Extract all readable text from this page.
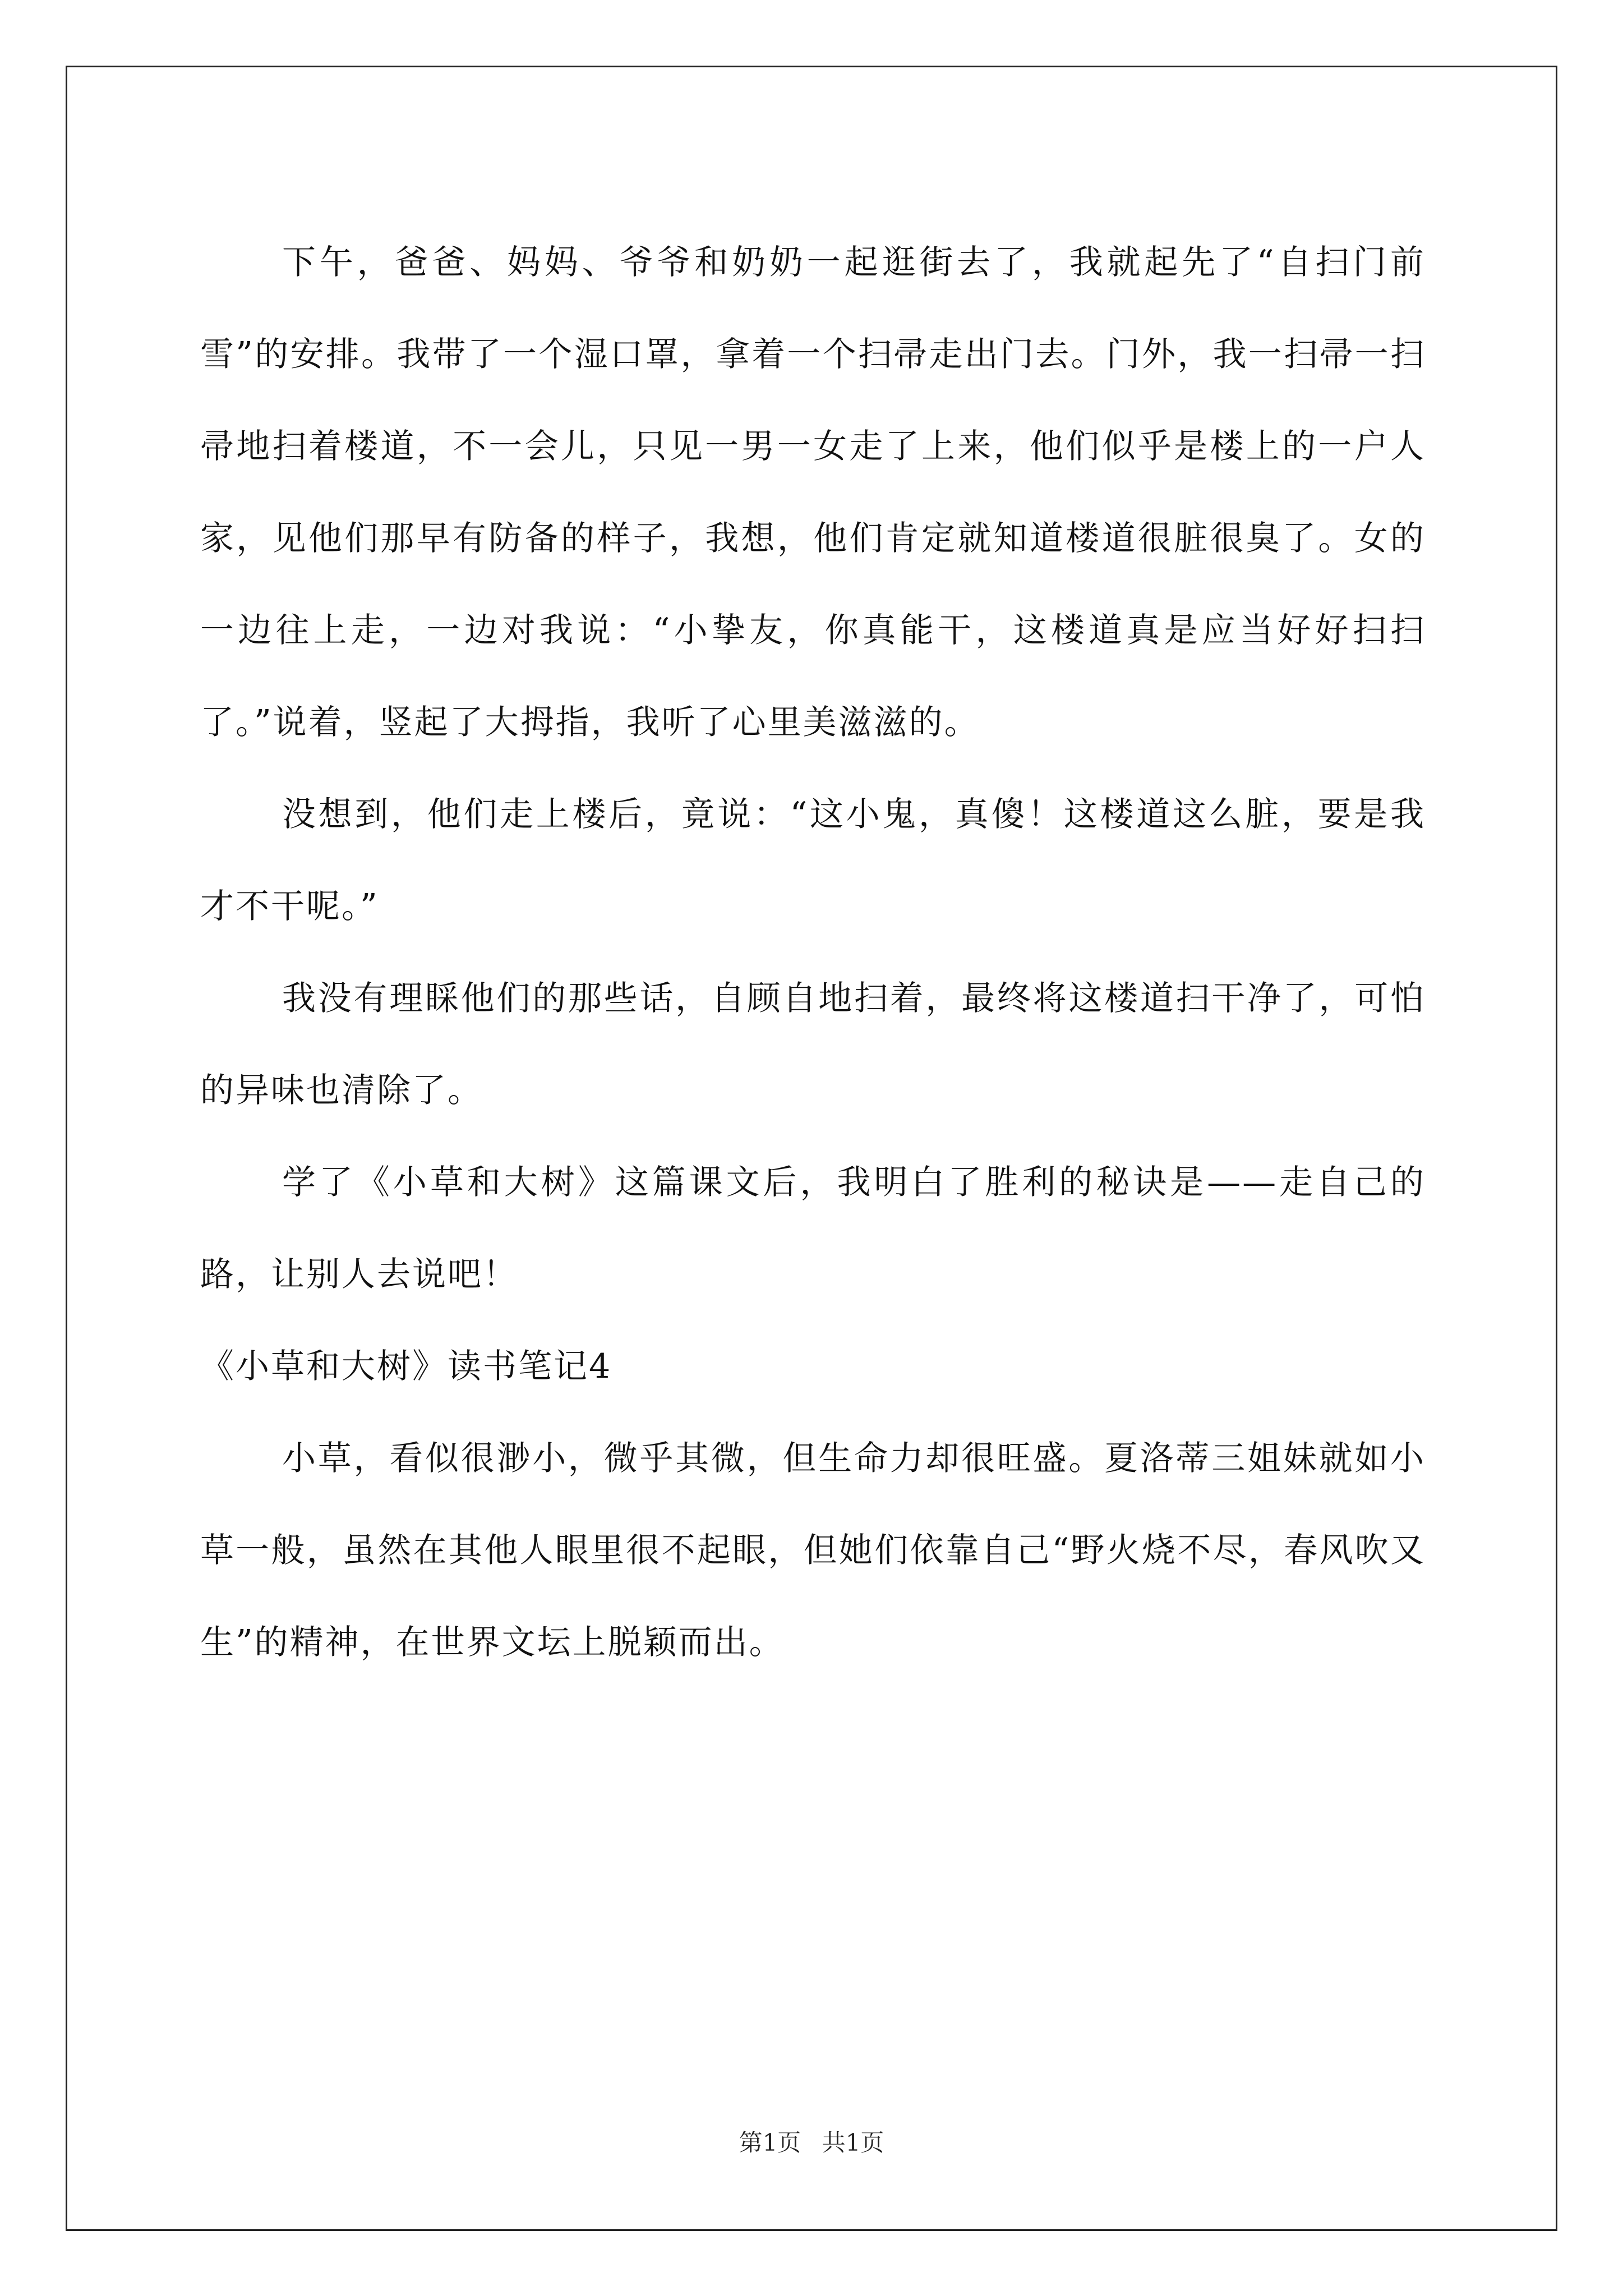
下午，爸爸、妈妈、爷爷和奶奶一起逛街去了，我就起先了“自扫门前雪”的安排。我带了一个湿口罩，拿着一个扫帚走出门去。门外，我一扫帚一扫帚地扫着楼道，不一会儿，只见一男一女走了上来，他们似乎是楼上的一户人家，见他们那早有防备的样子，我想，他们肯定就知道楼道很脏很臭了。女的一边往上走，一边对我说：“小挚友，你真能干，这楼道真是应当好好扫扫了。”说着，竖起了大拇指，我听了心里美滋滋的。

没想到，他们走上楼后，竟说：“这小鬼，真傻！这楼道这么脏，要是我才不干呢。”

我没有理睬他们的那些话，自顾自地扫着，最终将这楼道扫干净了，可怕的异味也清除了。

学了《小草和大树》这篇课文后，我明白了胜利的秘诀是——走自己的路，让别人去说吧！

《小草和大树》读书笔记4

小草，看似很渺小，微乎其微，但生命力却很旺盛。夏洛蒂三姐妹就如小草一般，虽然在其他人眼里很不起眼，但她们依靠自己“野火烧不尽，春风吹又生”的精神，在世界文坛上脱颖而出。

第1页 共1页
